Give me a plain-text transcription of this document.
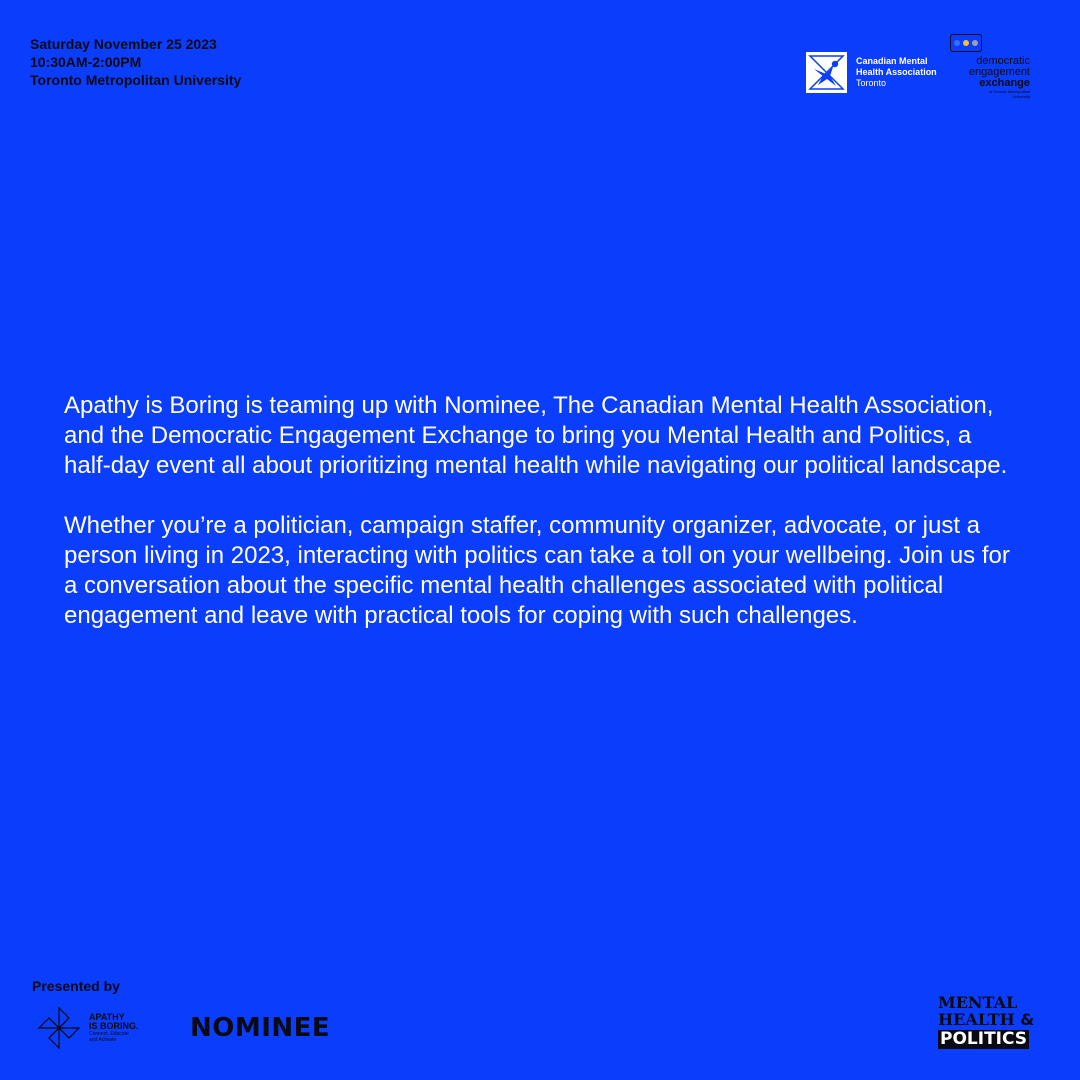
Saturday November 25 2023
10:30AM-2:00PM
Toronto Metropolitan University
Canadian Mental
Health Association
Toronto
democratic
engagement
exchange
at Toronto Metropolitan
University

Apathy is Boring is teaming up with Nominee, The Canadian Mental Health Association, and the Democratic Engagement Exchange to bring you Mental Health and Politics, a half-day event all about prioritizing mental health while navigating our political landscape.

Whether you’re a politician, campaign staffer, community organizer, advocate, or just a person living in 2023, interacting with politics can take a toll on your wellbeing. Join us for a conversation about the specific mental health challenges associated with political engagement and leave with practical tools for coping with such challenges.

Presented by
APATHY
IS BORING.
Connect, Educate
and Activate	NOMINEE
MENTAL
HEALTH &
POLITICS
